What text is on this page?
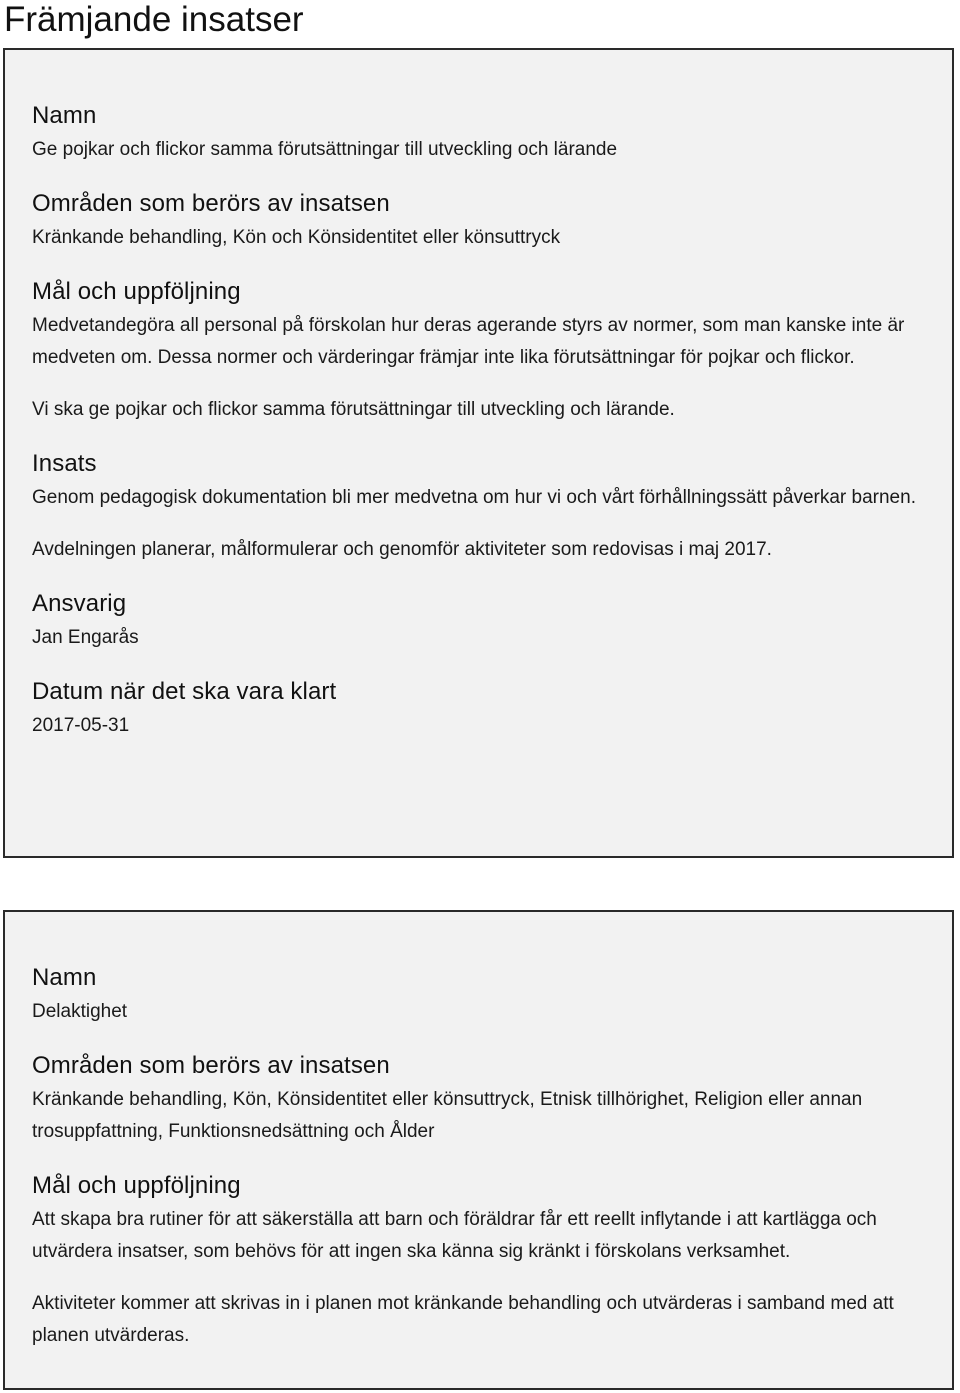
Främjande insatser
Namn

Ge pojkar och flickor samma förutsättningar till utveckling och lärande

Områden som berörs av insatsen

Kränkande behandling, Kön och Könsidentitet eller könsuttryck

Mål och uppföljning

Medvetandegöra all personal på förskolan hur deras agerande styrs av normer, som man kanske inte är medveten om. Dessa normer och värderingar främjar inte lika förutsättningar för pojkar och flickor.

Vi ska ge pojkar och flickor samma förutsättningar till utveckling och lärande.

Insats

Genom pedagogisk dokumentation bli mer medvetna om hur vi och vårt förhållningssätt påverkar barnen.

Avdelningen planerar, målformulerar och genomför aktiviteter som redovisas i maj 2017.

Ansvarig

Jan Engarås

Datum när det ska vara klart

2017-05-31

Namn

Delaktighet

Områden som berörs av insatsen

Kränkande behandling, Kön, Könsidentitet eller könsuttryck, Etnisk tillhörighet, Religion eller annan trosuppfattning, Funktionsnedsättning och Ålder

Mål och uppföljning

Att skapa bra rutiner för att säkerställa att barn och föräldrar får ett reellt inflytande i att kartlägga och utvärdera insatser, som behövs för att ingen ska känna sig kränkt i förskolans verksamhet.

Aktiviteter kommer att skrivas in i planen mot kränkande behandling och utvärderas i samband med att planen utvärderas.
